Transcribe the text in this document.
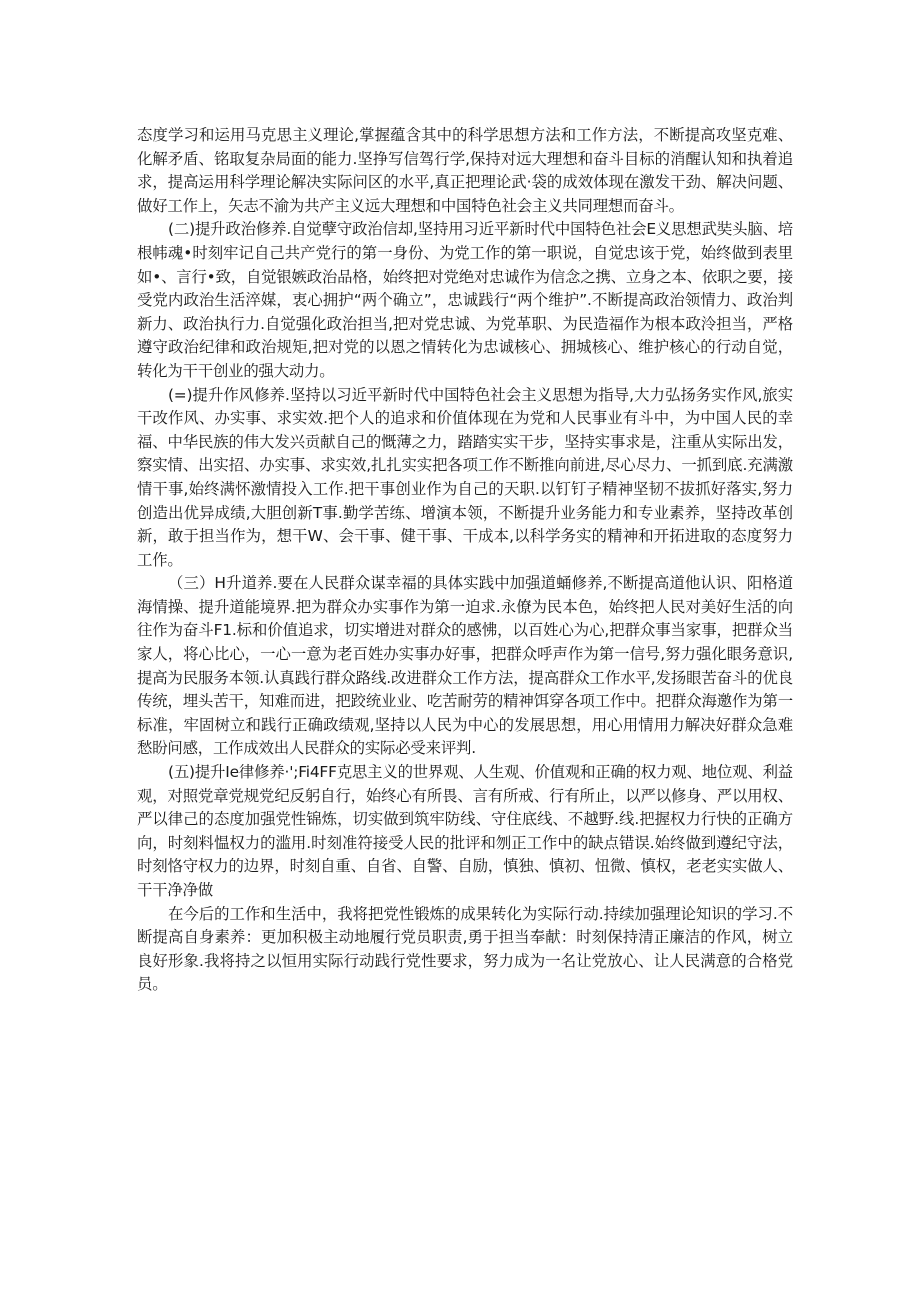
态度学习和运用马克思主义理论,掌握蕴含其中的科学思想方法和工作方法，不断提高攻坚克难、化解矛盾、铭取复杂局面的能力.坚挣写信驾行学,保持对远大理想和奋斗目标的消醒认知和执着追求，提高运用科学理论解决实际问区的水平,真正把理论武·袋的成效体现在激发干劲、解决问题、做好工作上，矢志不渝为共产主义远大理想和中国特色社会主义共同理想而奋斗。

(二)提升政治修养.自觉孽守政治信却,坚持用习近平新时代中国特色社会E义思想武奘头脑、培根帏魂•时刻牢记自己共产党行的第一身份、为党工作的第一职说，自觉忠该于党，始终做到表里如•、言行•致，自觉银嫉政治品格，始终把对党绝对忠诚作为信念之携、立身之本、依职之要，接受党内政治生活淬媒，衷心拥护“两个确立”，忠诚践行“两个维护”.不断提高政治领情力、政治判新力、政治执行力.自觉强化政治担当,把对党忠诚、为党革职、为民造福作为根本政泠担当，严格遵守政治纪律和政治规矩,把对党的以恩之情转化为忠诚核心、拥城核心、维护核心的行动自觉，转化为干干创业的强大动力。

(=)提升作风修养.坚持以习近平新时代中国特色社会主义思想为指导,大力弘扬务实作风,旅实干改作风、办实事、求实效.把个人的追求和价值体现在为党和人民事业有斗中，为中国人民的幸福、中华民族的伟大发兴贡献自己的慨薄之力，踏踏实实干步，坚持实事求是，注重从实际出发，察实情、出实招、办实事、求实效,扎扎实实把各项工作不断推向前进,尽心尽力、一抓到底.充满激情干事,始终满怀激情投入工作.把干事创业作为自己的天职.以钉钉子精神坚韧不拔抓好落实,努力创造出优异成绩,大胆创新T事.勤学苦练、增演本领，不断提升业务能力和专业素养，坚持改革创新，敢于担当作为，想干W、会干事、健干事、干成本,以科学务实的精神和开拓进取的态度努力工作。

（三）H升道养.要在人民群众谋幸福的具体实践中加强道蛹修养,不断提高道他认识、阳格道海情操、提升道能境界.把为群众办实事作为第一迫求.永僚为民本色，始终把人民对美好生活的向往作为奋斗F1.标和价值追求，切实增进对群众的感怫，以百姓心为心,把群众事当家事，把群众当家人，将心比心，一心一意为老百姓办实事办好事，把群众呼声作为第一信号,努力强化眼务意识,提高为民服务本领.认真践行群众路线.改进群众工作方法，提高群众工作水平,发扬眼苦奋斗的优良传统，埋头苦干，知难而进，把跤统业业、吃苦耐劳的精神饵穿各项工作中。把群众海邀作为第一标准，牢固树立和践行正确政绩观,坚持以人民为中心的发展思想，用心用情用力解决好群众急难愁盼问感，工作成效出人民群众的实际必受来评判.

(五)提升Ie律修养·';Fi4FF克思主义的世界观、人生观、价值观和正确的权力观、地位观、利益观，对照党章党规党纪反躬自行，始终心有所畏、言有所戒、行有所止，以严以修身、严以用权、严以律己的态度加强党性锦炼，切实做到筑牢防线、守住底线、不越野.线.把握权力行快的正确方向，时刻料愠权力的滥用.时刻准符接受人民的批评和刎正工作中的缺点错误.始终做到遵纪守法，时刻恪守权力的边界，时刻自重、自省、自警、自励，慎独、慎初、忸微、慎权，老老实实做人、干干净净做

在今后的工作和生活中，我将把党性锻炼的成果转化为实际行动.持续加强理论知识的学习.不断提高自身素养：更加积极主动地履行党员职责,勇于担当奉献：时刻保持清正廉洁的作风，树立良好形象.我将持之以恒用实际行动践行党性要求，努力成为一名让党放心、让人民满意的合格党员。
